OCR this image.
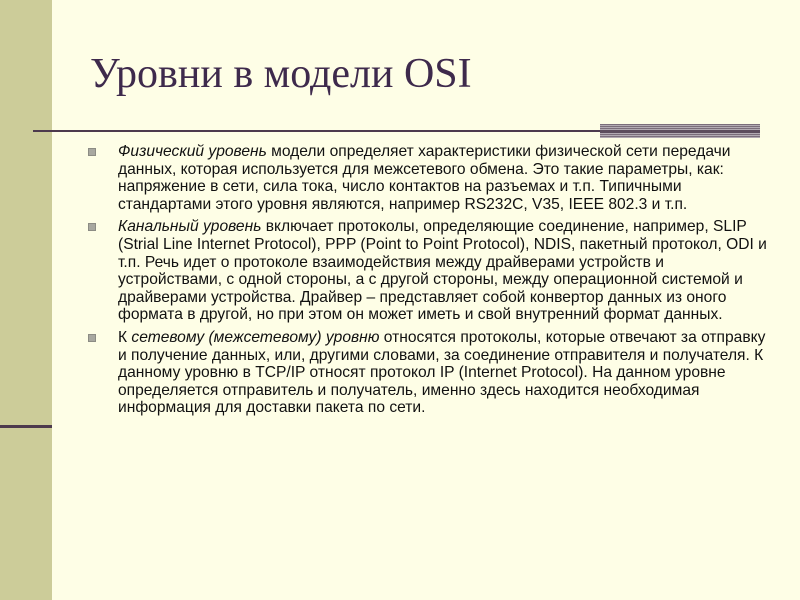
Уровни в модели OSI
Физический уровень модели определяет характеристики физической сети передачи данных, которая используется для межсетевого обмена. Это такие параметры, как: напряжение в сети, сила тока, число контактов на разъемах и т.п. Типичными стандартами этого уровня являются, например RS232C, V35, IEEE 802.3 и т.п.
Канальный уровень включает протоколы, определяющие соединение, например, SLIP (Strial Line Internet Protocol), PPP (Point to Point Protocol), NDIS, пакетный протокол, ODI и т.п. Речь идет о протоколе взаимодействия между драйверами устройств и устройствами, с одной стороны, а с другой стороны, между операционной системой и драйверами устройства. Драйвер – представляет собой конвертор данных из оного формата в другой, но при этом он может иметь и свой внутренний формат данных.
К сетевому (межсетевому) уровню относятся протоколы, которые отвечают за отправку и получение данных, или, другими словами, за соединение отправителя и получателя. К данному уровню в TCP/IP относят протокол IP (Internet Protocol). На данном уровне определяется отправитель и получатель, именно здесь находится необходимая информация для доставки пакета по сети.
